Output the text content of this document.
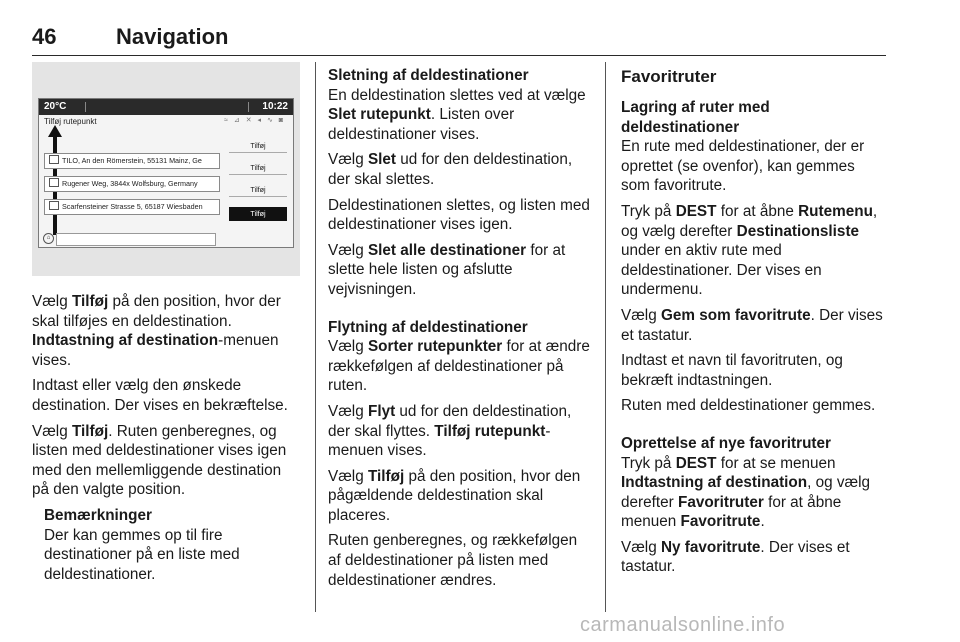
46	Navigation
20°C	10:22
Tilføj rutepunkt	≈ ⊿ ✕ ◂ ∿ ◙
TILO, An den Römerstein, 55131 Mainz, Ge
Rugener Weg, 3844x Wolfsburg, Germany
Scarfensteiner Strasse 5, 65187 Wiesbaden
Tilføj
Tilføj
Tilføj
Tilføj
⌂

Vælg Tilføj på den position, hvor der skal tilføjes en deldestination.
Indtastning af destination-menuen vises.

Indtast eller vælg den ønskede destination. Der vises en bekræftelse.

Vælg Tilføj. Ruten genberegnes, og listen med deldestinationer vises igen med den mellemliggende destination på den valgte position.

Bemærkninger

Der kan gemmes op til fire destinationer på en liste med deldestinationer.

Sletning af deldestinationer

En deldestination slettes ved at vælge Slet rutepunkt. Listen over deldestinationer vises.

Vælg Slet ud for den deldestination, der skal slettes.

Deldestinationen slettes, og listen med deldestinationer vises igen.

Vælg Slet alle destinationer for at slette hele listen og afslutte vejvisningen.

Flytning af deldestinationer

Vælg Sorter rutepunkter for at ændre rækkefølgen af deldestinationer på ruten.

Vælg Flyt ud for den deldestination, der skal flyttes. Tilføj rutepunkt-menuen vises.

Vælg Tilføj på den position, hvor den pågældende deldestination skal placeres.

Ruten genberegnes, og rækkefølgen af deldestinationer på listen med deldestinationer ændres.

Favoritruter
Lagring af ruter med deldestinationer

En rute med deldestinationer, der er oprettet (se ovenfor), kan gemmes som favoritrute.

Tryk på DEST for at åbne Rutemenu, og vælg derefter Destinationsliste under en aktiv rute med deldestinationer. Der vises en undermenu.

Vælg Gem som favoritrute. Der vises et tastatur.

Indtast et navn til favoritruten, og bekræft indtastningen.

Ruten med deldestinationer gemmes.

Oprettelse af nye favoritruter

Tryk på DEST for at se menuen Indtastning af destination, og vælg derefter Favoritruter for at åbne menuen Favoritrute.

Vælg Ny favoritrute. Der vises et tastatur.

carmanualsonline.info
